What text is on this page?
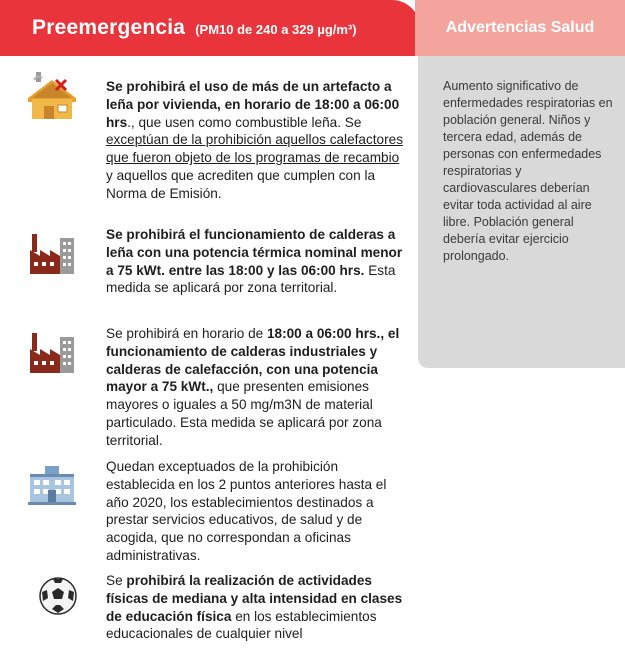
Preemergencia (PM10 de 240 a 329 µg/m³)	Advertencias Salud
Aumento significativo de enfermedades respiratorias en población general. Niños y tercera edad, además de personas con enfermedades respiratorias y cardiovasculares deberían evitar toda actividad al aire libre. Población general debería evitar ejercicio prolongado.
Se prohibirá el uso de más de un artefacto a leña por vivienda, en horario de 18:00 a 06:00 hrs., que usen como combustible leña. Se exceptúan de la prohibición aquellos calefactores que fueron objeto de los programas de recambio y aquellos que acrediten que cumplen con la Norma de Emisión.
Se prohibirá el funcionamiento de calderas a leña con una potencia térmica nominal menor a 75 kWt. entre las 18:00 y las 06:00 hrs. Esta medida se aplicará por zona territorial.
Se prohibirá en horario de 18:00 a 06:00 hrs., el funcionamiento de calderas industriales y calderas de calefacción, con una potencia mayor a 75 kWt., que presenten emisiones mayores o iguales a 50 mg/m3N de material particulado. Esta medida se aplicará por zona territorial.
Quedan exceptuados de la prohibición establecida en los 2 puntos anteriores hasta el año 2020, los establecimientos destinados a prestar servicios educativos, de salud y de acogida, que no correspondan a oficinas administrativas.
Se prohibirá la realización de actividades físicas de mediana y alta intensidad en clases de educación física en los establecimientos educacionales de cualquier nivel
